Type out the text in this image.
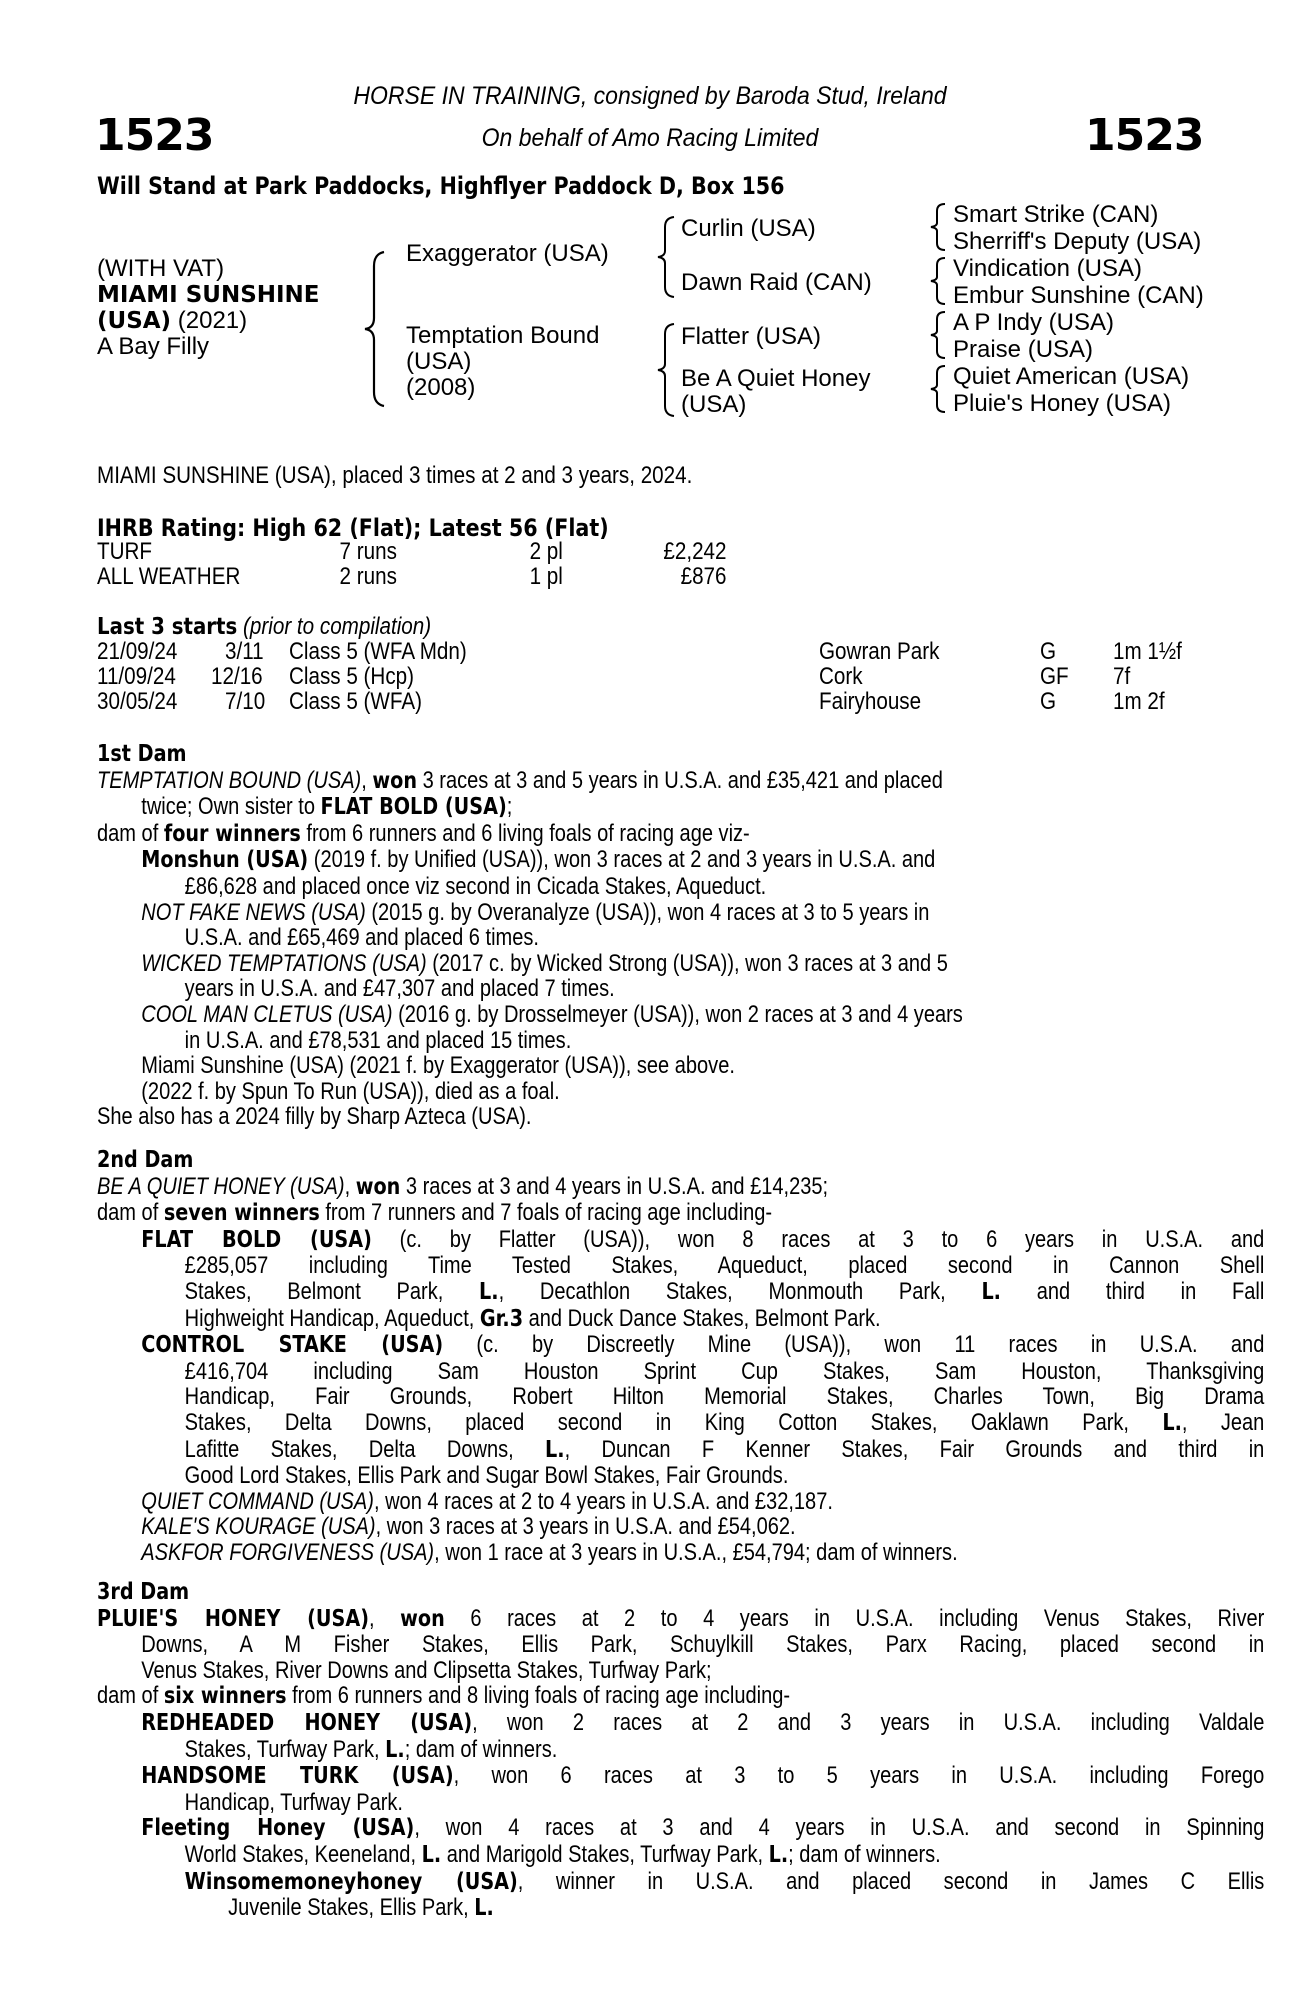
1523	1523
HORSE IN TRAINING, consigned by Baroda Stud, Ireland
On behalf of Amo Racing Limited
Will Stand at Park Paddocks, Highflyer Paddock D, Box 156
(WITH VAT)
MIAMI SUNSHINE
(USA) (2021)
A Bay Filly
Exaggerator (USA)
Temptation Bound
(USA)
(2008)
Curlin (USA)
Dawn Raid (CAN)
Flatter (USA)
Be A Quiet Honey
(USA)
Smart Strike (CAN)
Sherriff's Deputy (USA)
Vindication (USA)
Embur Sunshine (CAN)
A P Indy (USA)
Praise (USA)
Quiet American (USA)
Pluie's Honey (USA)
MIAMI SUNSHINE (USA), placed 3 times at 2 and 3 years, 2024.
IHRB Rating: High 62 (Flat); Latest 56 (Flat)
TURF	7 runs	2 pl	£2,242
ALL WEATHER	2 runs	1 pl	£876
Last 3 starts (prior to compilation)
21/09/24 3/11 Class 5 (WFA Mdn)	Gowran Park	G 1m 1½f
11/09/24 12/16 Class 5 (Hcp)	Cork	GF 7f
30/05/24 7/10 Class 5 (WFA)	Fairyhouse	G 1m 2f
1st Dam
TEMPTATION BOUND (USA), won 3 races at 3 and 5 years in U.S.A. and £35,421 and placed
twice; Own sister to FLAT BOLD (USA);
dam of four winners from 6 runners and 6 living foals of racing age viz-
Monshun (USA) (2019 f. by Unified (USA)), won 3 races at 2 and 3 years in U.S.A. and
£86,628 and placed once viz second in Cicada Stakes, Aqueduct.
NOT FAKE NEWS (USA) (2015 g. by Overanalyze (USA)), won 4 races at 3 to 5 years in
U.S.A. and £65,469 and placed 6 times.
WICKED TEMPTATIONS (USA) (2017 c. by Wicked Strong (USA)), won 3 races at 3 and 5
years in U.S.A. and £47,307 and placed 7 times.
COOL MAN CLETUS (USA) (2016 g. by Drosselmeyer (USA)), won 2 races at 3 and 4 years
in U.S.A. and £78,531 and placed 15 times.
Miami Sunshine (USA) (2021 f. by Exaggerator (USA)), see above.
(2022 f. by Spun To Run (USA)), died as a foal.
She also has a 2024 filly by Sharp Azteca (USA).
2nd Dam
BE A QUIET HONEY (USA), won 3 races at 3 and 4 years in U.S.A. and £14,235;
dam of seven winners from 7 runners and 7 foals of racing age including-
FLAT BOLD (USA) (c. by Flatter (USA)), won 8 races at 3 to 6 years in U.S.A. and
£285,057 including Time Tested Stakes, Aqueduct, placed second in Cannon Shell
Stakes, Belmont Park, L., Decathlon Stakes, Monmouth Park, L. and third in Fall
Highweight Handicap, Aqueduct, Gr.3 and Duck Dance Stakes, Belmont Park.
CONTROL STAKE (USA) (c. by Discreetly Mine (USA)), won 11 races in U.S.A. and
£416,704 including Sam Houston Sprint Cup Stakes, Sam Houston, Thanksgiving
Handicap, Fair Grounds, Robert Hilton Memorial Stakes, Charles Town, Big Drama
Stakes, Delta Downs, placed second in King Cotton Stakes, Oaklawn Park, L., Jean
Lafitte Stakes, Delta Downs, L., Duncan F Kenner Stakes, Fair Grounds and third in
Good Lord Stakes, Ellis Park and Sugar Bowl Stakes, Fair Grounds.
QUIET COMMAND (USA), won 4 races at 2 to 4 years in U.S.A. and £32,187.
KALE'S KOURAGE (USA), won 3 races at 3 years in U.S.A. and £54,062.
ASKFOR FORGIVENESS (USA), won 1 race at 3 years in U.S.A., £54,794; dam of winners.
3rd Dam
PLUIE'S HONEY (USA), won 6 races at 2 to 4 years in U.S.A. including Venus Stakes, River
Downs, A M Fisher Stakes, Ellis Park, Schuylkill Stakes, Parx Racing, placed second in
Venus Stakes, River Downs and Clipsetta Stakes, Turfway Park;
dam of six winners from 6 runners and 8 living foals of racing age including-
REDHEADED HONEY (USA), won 2 races at 2 and 3 years in U.S.A. including Valdale
Stakes, Turfway Park, L.; dam of winners.
HANDSOME TURK (USA), won 6 races at 3 to 5 years in U.S.A. including Forego
Handicap, Turfway Park.
Fleeting Honey (USA), won 4 races at 3 and 4 years in U.S.A. and second in Spinning
World Stakes, Keeneland, L. and Marigold Stakes, Turfway Park, L.; dam of winners.
Winsomemoneyhoney (USA), winner in U.S.A. and placed second in James C Ellis
Juvenile Stakes, Ellis Park, L.
